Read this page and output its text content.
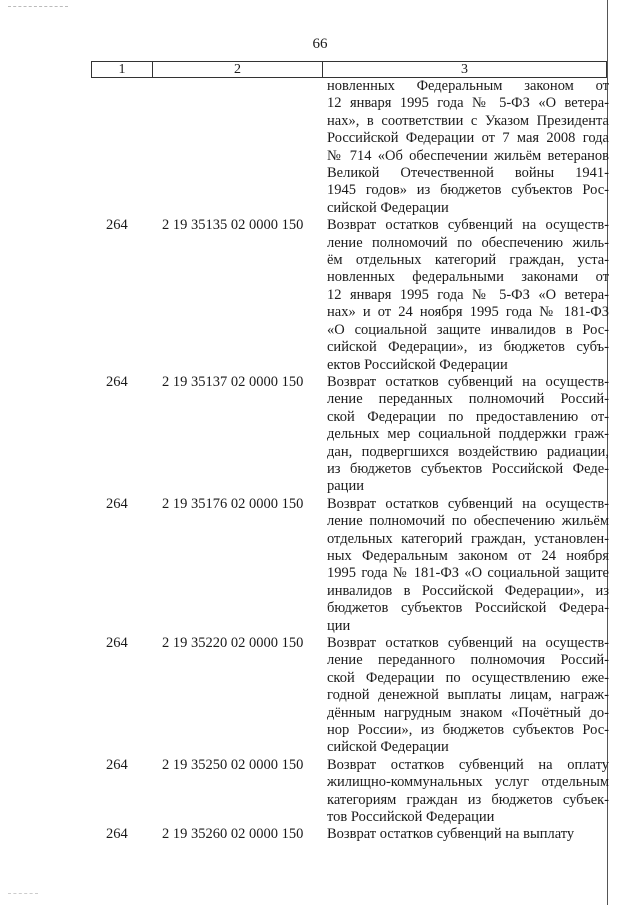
66
1	2	3
новленных Федеральным законом от
12 января 1995 года № 5-ФЗ «О ветера-
нах», в соответствии с Указом Президента
Российской Федерации от 7 мая 2008 года
№ 714 «Об обеспечении жильём ветеранов
Великой Отечественной войны 1941-
1945 годов» из бюджетов субъектов Рос-
сийской Федерации
264 2 19 35135 02 0000 150 Возврат остатков субвенций на осуществ-
ление полномочий по обеспечению жиль-
ём отдельных категорий граждан, уста-
новленных федеральными законами от
12 января 1995 года № 5-ФЗ «О ветера-
нах» и от 24 ноября 1995 года № 181-ФЗ
«О социальной защите инвалидов в Рос-
сийской Федерации», из бюджетов субъ-
ектов Российской Федерации
264 2 19 35137 02 0000 150 Возврат остатков субвенций на осуществ-
ление переданных полномочий Россий-
ской Федерации по предоставлению от-
дельных мер социальной поддержки граж-
дан, подвергшихся воздействию радиации,
из бюджетов субъектов Российской Феде-
рации
264 2 19 35176 02 0000 150 Возврат остатков субвенций на осуществ-
ление полномочий по обеспечению жильём
отдельных категорий граждан, установлен-
ных Федеральным законом от 24 ноября
1995 года № 181-ФЗ «О социальной защите
инвалидов в Российской Федерации», из
бюджетов субъектов Российской Федера-
ции
264 2 19 35220 02 0000 150 Возврат остатков субвенций на осуществ-
ление переданного полномочия Россий-
ской Федерации по осуществлению еже-
годной денежной выплаты лицам, награж-
дённым нагрудным знаком «Почётный до-
нор России», из бюджетов субъектов Рос-
сийской Федерации
264 2 19 35250 02 0000 150 Возврат остатков субвенций на оплату
жилищно-коммунальных услуг отдельным
категориям граждан из бюджетов субъек-
тов Российской Федерации
264 2 19 35260 02 0000 150 Возврат остатков субвенций на выплату
